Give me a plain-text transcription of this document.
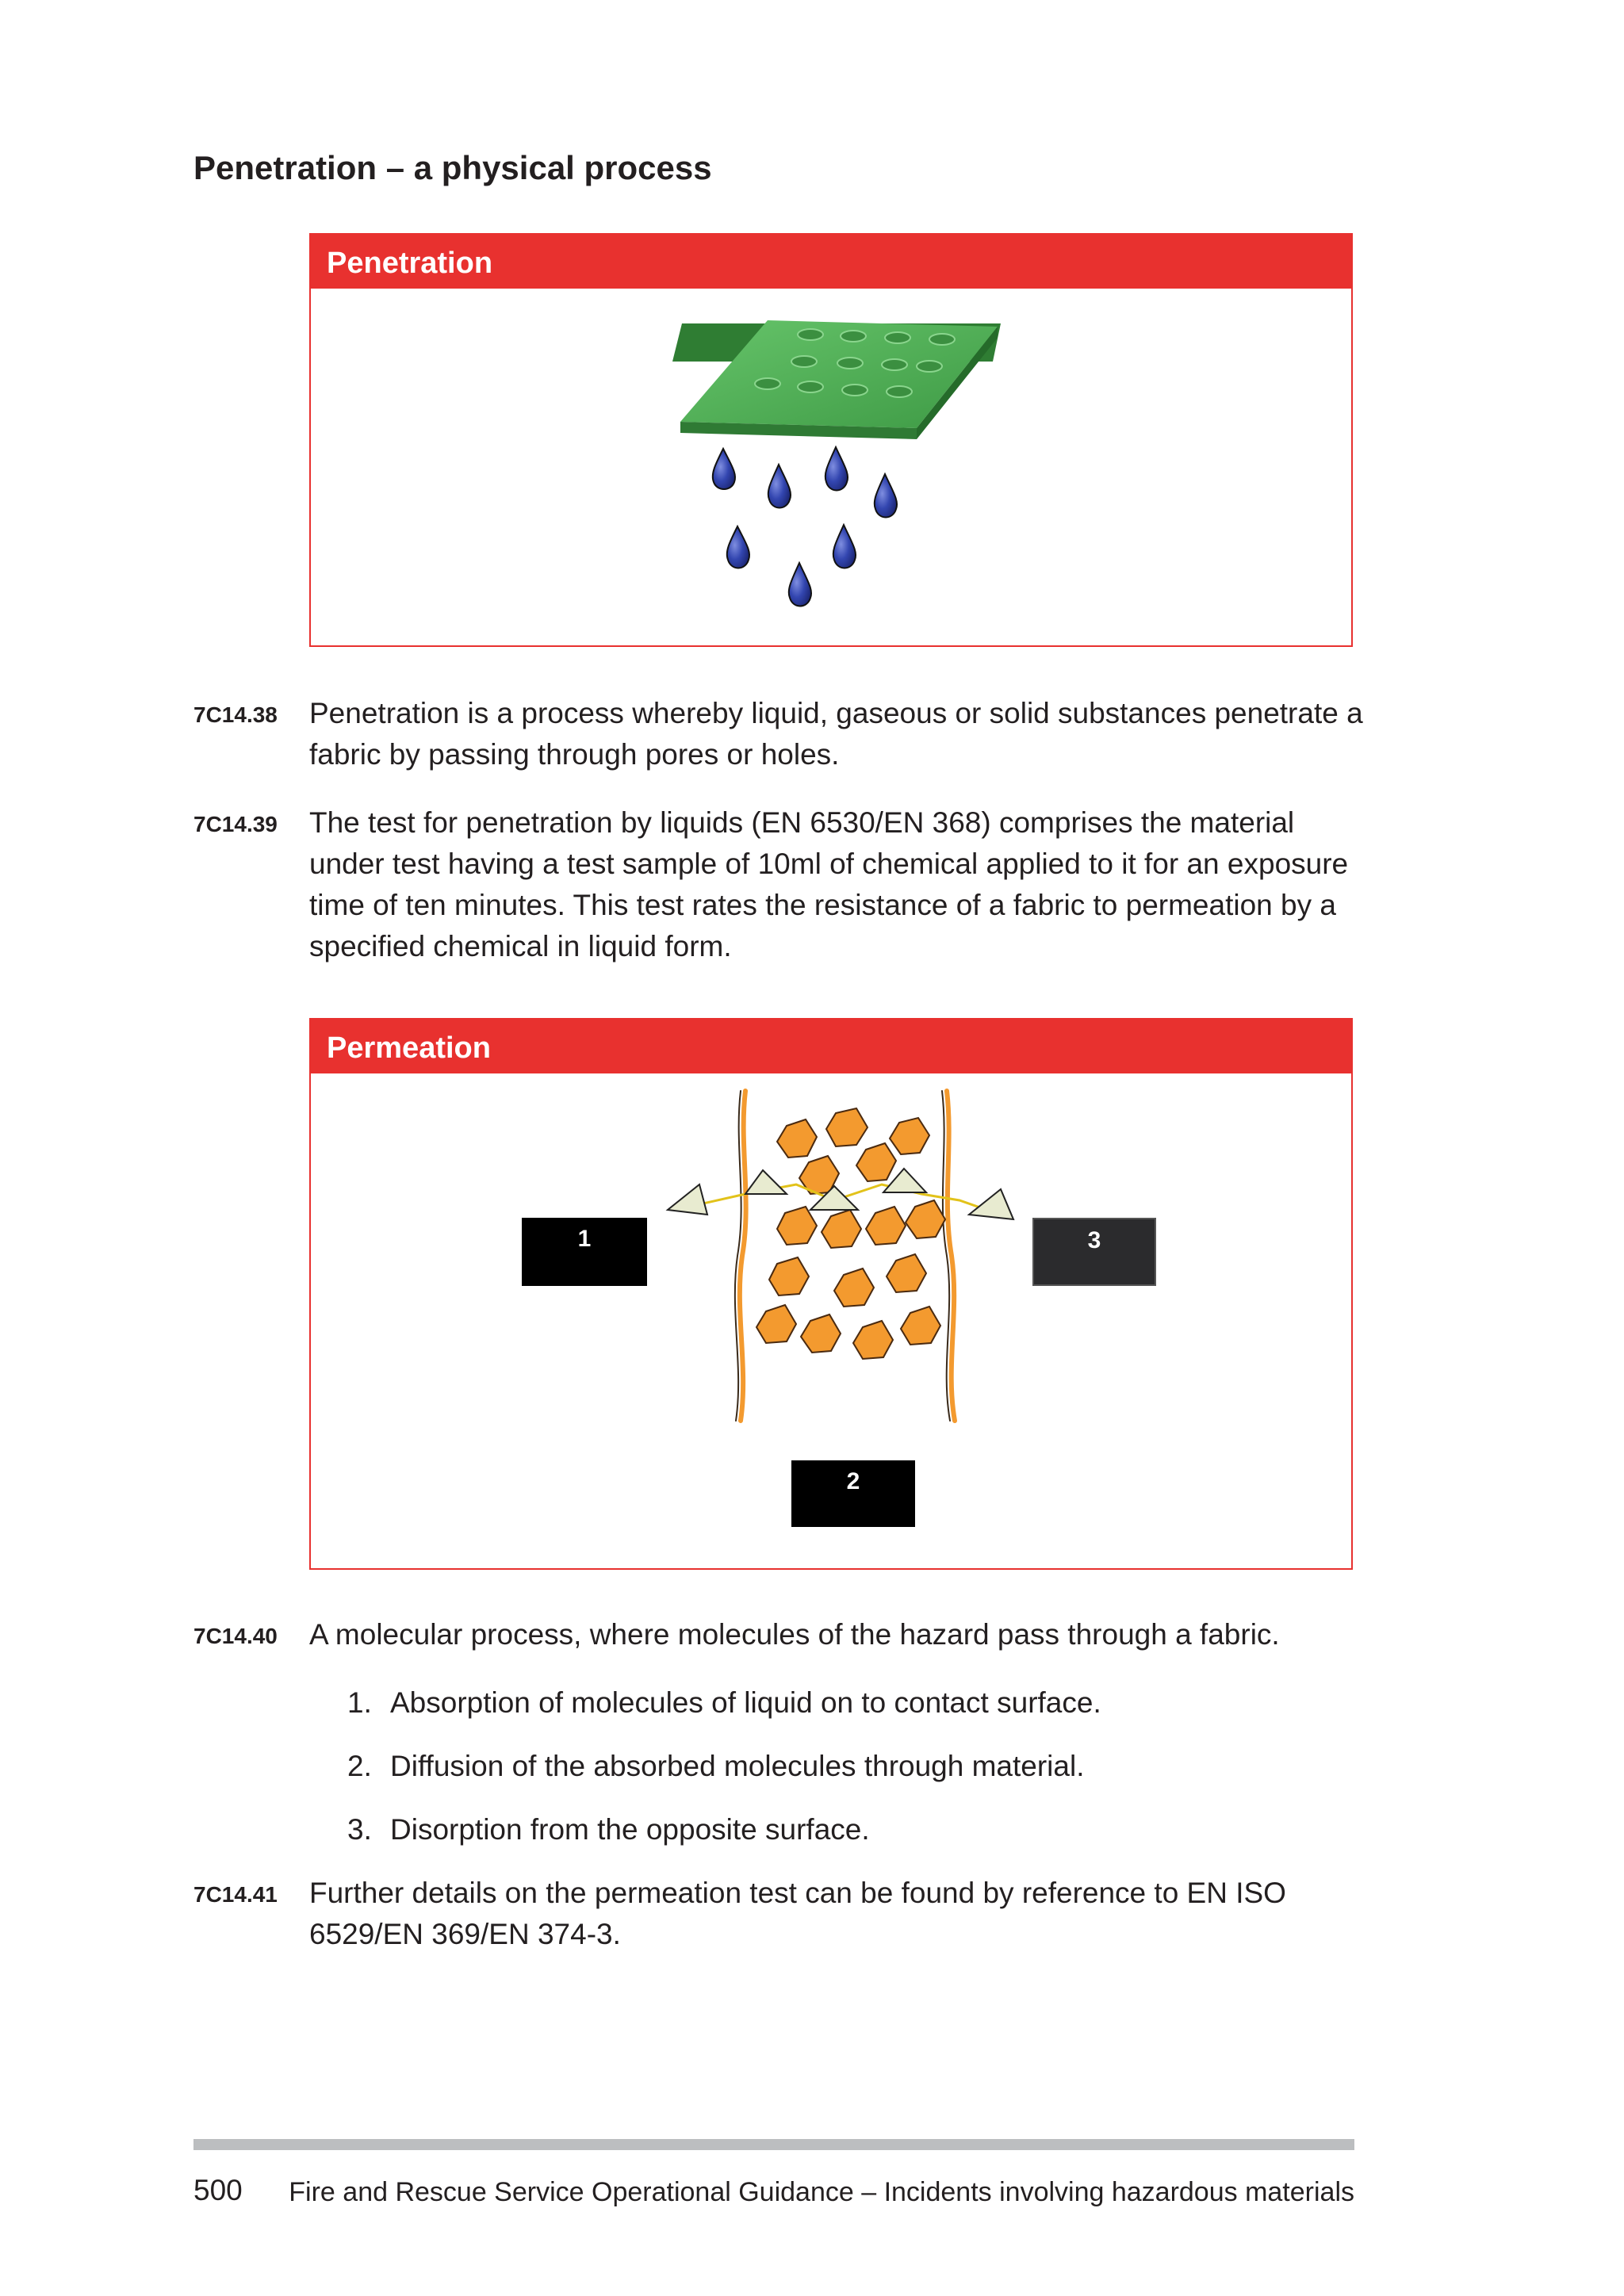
Penetration – a physical process
Penetration
7C14.38 Penetration is a process whereby liquid, gaseous or solid substances penetrate a fabric by passing through pores or holes.
7C14.39 The test for penetration by liquids (EN 6530/EN 368) comprises the material under test having a test sample of 10ml of chemical applied to it for an exposure time of ten minutes. This test rates the resistance of a fabric to permeation by a specified chemical in liquid form.
Permeation
1	3
2
7C14.40 A molecular process, where molecules of the hazard pass through a fabric.
1. Absorption of molecules of liquid on to contact surface.
2. Diffusion of the absorbed molecules through material.
3. Disorption from the opposite surface.
7C14.41 Further details on the permeation test can be found by reference to EN ISO 6529/EN 369/EN 374-3.
500 Fire and Rescue Service Operational Guidance – Incidents involving hazardous materials
